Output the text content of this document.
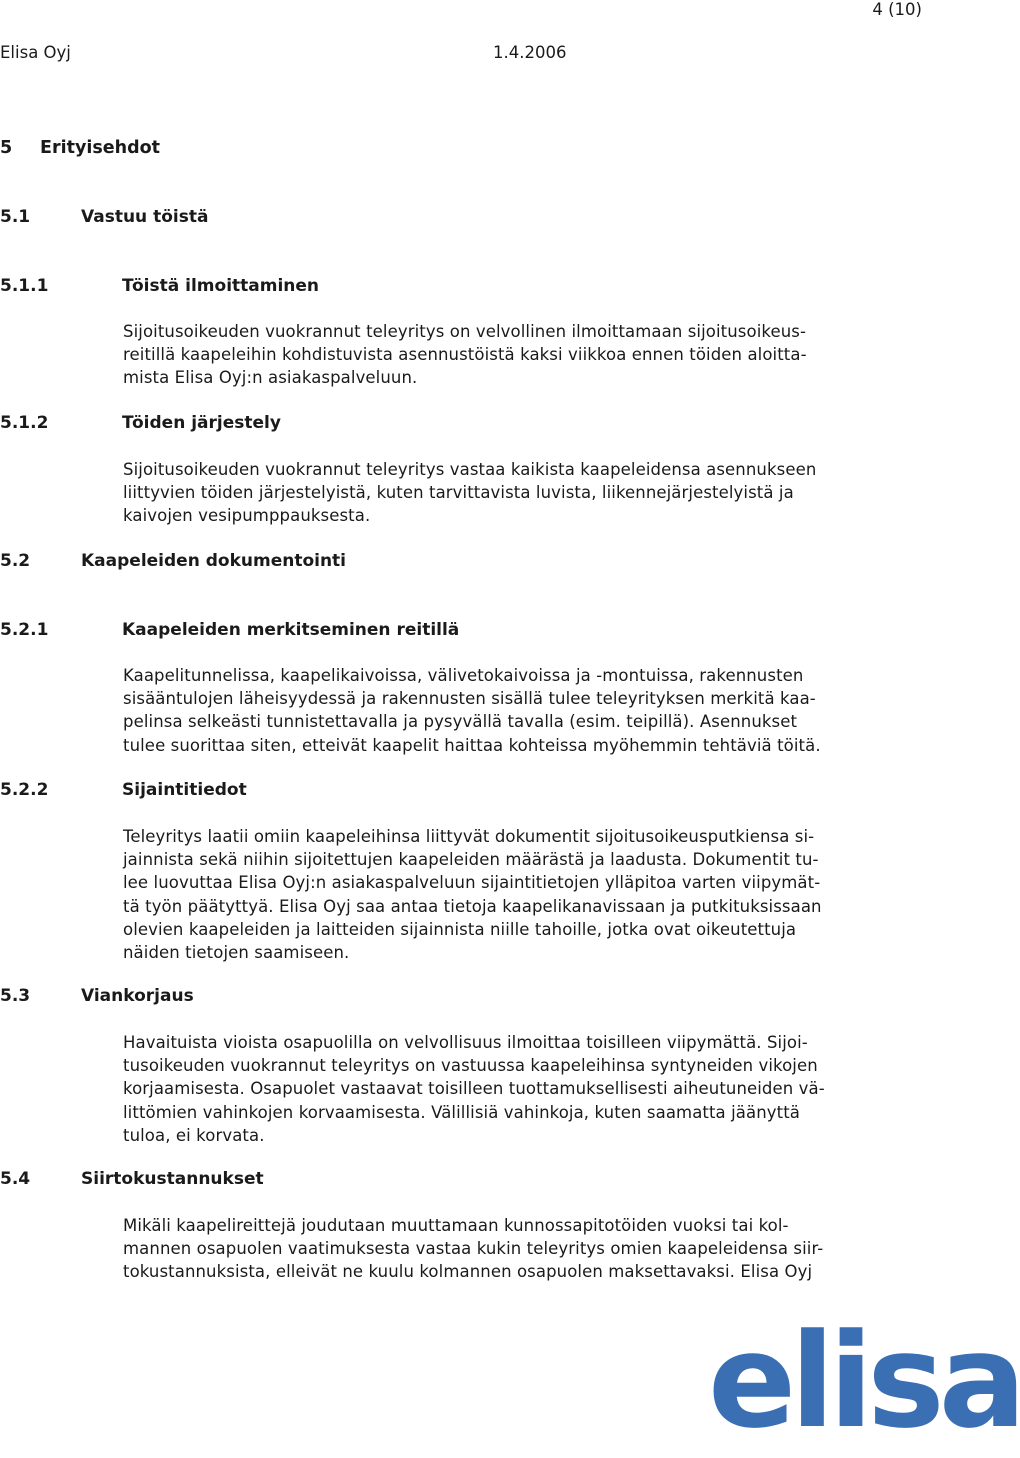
4 (10)
Elisa Oyj	1.4.2006
5 Erityisehdot
5.1	Vastuu töistä
5.1.1	Töistä ilmoittaminen
Sijoitusoikeuden vuokrannut teleyritys on velvollinen ilmoittamaan sijoitusoikeus-
reitillä kaapeleihin kohdistuvista asennustöistä kaksi viikkoa ennen töiden aloitta-
mista Elisa Oyj:n asiakaspalveluun.
5.1.2	Töiden järjestely
Sijoitusoikeuden vuokrannut teleyritys vastaa kaikista kaapeleidensa asennukseen
liittyvien töiden järjestelyistä, kuten tarvittavista luvista, liikennejärjestelyistä ja
kaivojen vesipumppauksesta.
5.2	Kaapeleiden dokumentointi
5.2.1	Kaapeleiden merkitseminen reitillä
Kaapelitunnelissa, kaapelikaivoissa, välivetokaivoissa ja -montuissa, rakennusten
sisääntulojen läheisyydessä ja rakennusten sisällä tulee teleyrityksen merkitä kaa-
pelinsa selkeästi tunnistettavalla ja pysyvällä tavalla (esim. teipillä). Asennukset
tulee suorittaa siten, etteivät kaapelit haittaa kohteissa myöhemmin tehtäviä töitä.
5.2.2	Sijaintitiedot
Teleyritys laatii omiin kaapeleihinsa liittyvät dokumentit sijoitusoikeusputkiensa si-
jainnista sekä niihin sijoitettujen kaapeleiden määrästä ja laadusta. Dokumentit tu-
lee luovuttaa Elisa Oyj:n asiakaspalveluun sijaintitietojen ylläpitoa varten viipymät-
tä työn päätyttyä. Elisa Oyj saa antaa tietoja kaapelikanavissaan ja putkituksissaan
olevien kaapeleiden ja laitteiden sijainnista niille tahoille, jotka ovat oikeutettuja
näiden tietojen saamiseen.
5.3	Viankorjaus
Havaituista vioista osapuolilla on velvollisuus ilmoittaa toisilleen viipymättä. Sijoi-
tusoikeuden vuokrannut teleyritys on vastuussa kaapeleihinsa syntyneiden vikojen
korjaamisesta. Osapuolet vastaavat toisilleen tuottamuksellisesti aiheutuneiden vä-
littömien vahinkojen korvaamisesta. Välillisiä vahinkoja, kuten saamatta jäänyttä
tuloa, ei korvata.
5.4	Siirtokustannukset
Mikäli kaapelireittejä joudutaan muuttamaan kunnossapitotöiden vuoksi tai kol-
mannen osapuolen vaatimuksesta vastaa kukin teleyritys omien kaapeleidensa siir-
tokustannuksista, elleivät ne kuulu kolmannen osapuolen maksettavaksi. Elisa Oyj
elisa
